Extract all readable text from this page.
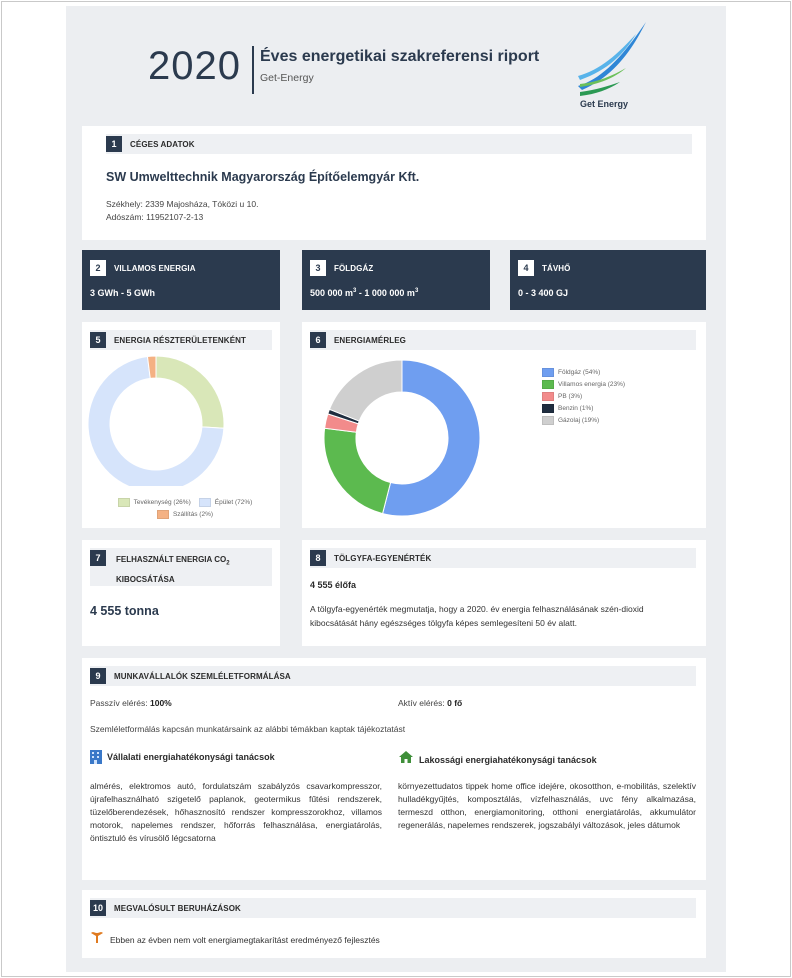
2020 Éves energetikai szakreferensi riport
Get-Energy
Get Energy
1	CÉGES ADATOK
SW Umwelttechnik Magyarország Építőelemgyár Kft.
Székhely: 2339 Majosháza, Tóközi u 10.
Adószám: 11952107-2-13
2	VILLAMOS ENERGIA
3 GWh - 5 GWh
3	FÖLDGÁZ
500 000 $m^3 - 1$ 000 000 $m^3$
4	TÁVHŐ
0 - 3 400 GJ
5	ENERGIA RÉSZTERÜLETENKÉNT
Tevékenység (26%)	Épület (72%)
Szállítás (2%)
6	ENERGIAMÉRLEG
Földgáz (54%)
Villamos energia (23%)
PB (3%)
Benzin (1%)
Gázolaj (19%)
7	FELHASZNÁLT ENERGIA $CO_2$
KIBOCSÁTÁSA
4 555 tonna
8	TÖLGYFA-EGYENÉRTÉK
4 555 élőfa
A tölgyfa-egyenérték megmutatja, hogy a 2020. év energia felhasználásának szén-dioxid kibocsátását hány egészséges tölgyfa képes semlegesíteni 50 év alatt.
9	MUNKAVÁLLALÓK SZEMLÉLETFORMÁLÁSA
Passzív elérés: 100%	Aktív elérés: 0 fő
Szemléletformálás kapcsán munkatársaink az alábbi témákban kaptak tájékoztatást
Vállalati energiahatékonysági tanácsok
almérés, elektromos autó, fordulatszám szabályzós csavarkompresszor, újrafelhasználható szigetelő paplanok, geotermikus fűtési rendszerek, tüzelőberendezések, hőhasznosító rendszer kompresszorokhoz, villamos motorok, napelemes rendszer, hőforrás felhasználása, energiatárolás, öntisztuló és vírusölő légcsatorna
Lakossági energiahatékonysági tanácsok
környezettudatos tippek home office idejére, okosotthon, e-mobilitás, szelektív hulladékgyűjtés, komposztálás, vízfelhasználás, uvc fény alkalmazása, termeszd otthon, energiamonitoring, otthoni energiatárolás, akkumulátor regenerálás, napelemes rendszerek, jogszabályi változások, jeles dátumok
10	MEGVALÓSULT BERUHÁZÁSOK
Ebben az évben nem volt energiamegtakarítást eredményező fejlesztés
